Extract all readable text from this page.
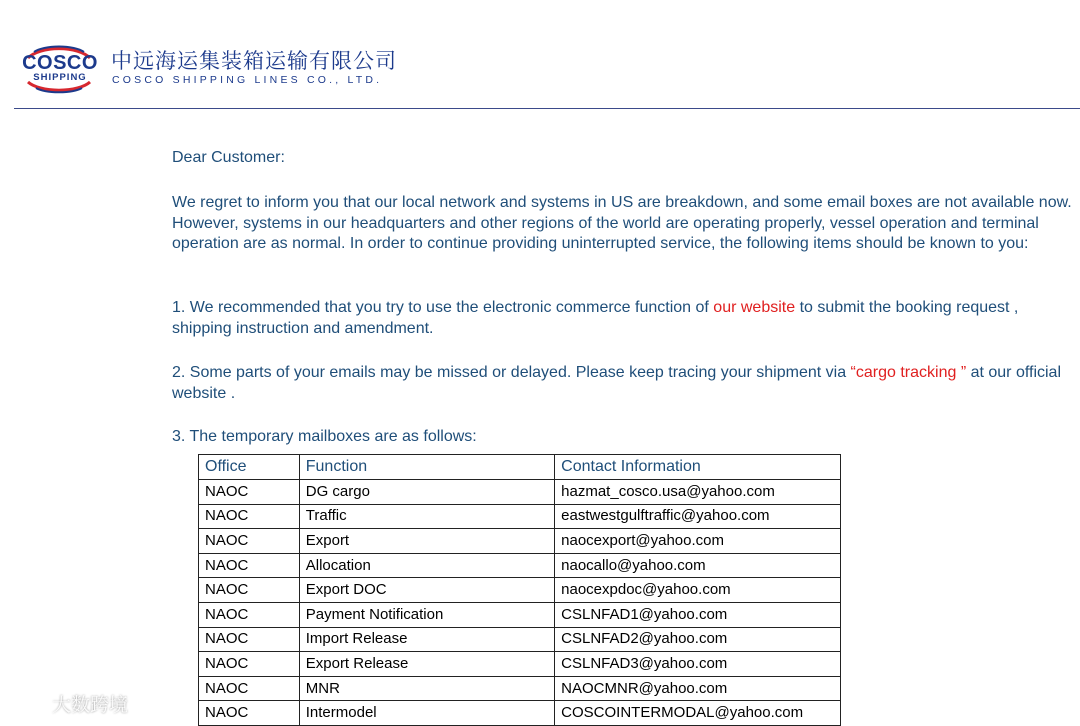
COSCO
SHIPPING
中远海运集装箱运输有限公司
COSCO SHIPPING LINES CO., LTD.
Dear Customer:
We regret to inform you that our local network and systems in US are breakdown, and some email boxes are not available now. However, systems in our headquarters and other regions of the world are operating properly, vessel operation and terminal operation are as normal. In order to continue providing uninterrupted service, the following items should be known to you:
1. We recommended that you try to use the electronic commerce function of our website to submit the booking request , shipping instruction and amendment.
2. Some parts of your emails may be missed or delayed. Please keep tracing your shipment via “cargo tracking ” at our official website .
3. The temporary mailboxes are as follows:
Office	Function	Contact Information
NAOC	DG cargo	hazmat_cosco.usa@yahoo.com
NAOC	Traffic	eastwestgulftraffic@yahoo.com
NAOC	Export	naocexport@yahoo.com
NAOC	Allocation	naocallo@yahoo.com
NAOC	Export DOC	naocexpdoc@yahoo.com
NAOC	Payment Notification	CSLNFAD1@yahoo.com
NAOC	Import Release	CSLNFAD2@yahoo.com
NAOC	Export Release	CSLNFAD3@yahoo.com
NAOC	MNR	NAOCMNR@yahoo.com
NAOC	Intermodel	COSCOINTERMODAL@yahoo.com
大数跨境
